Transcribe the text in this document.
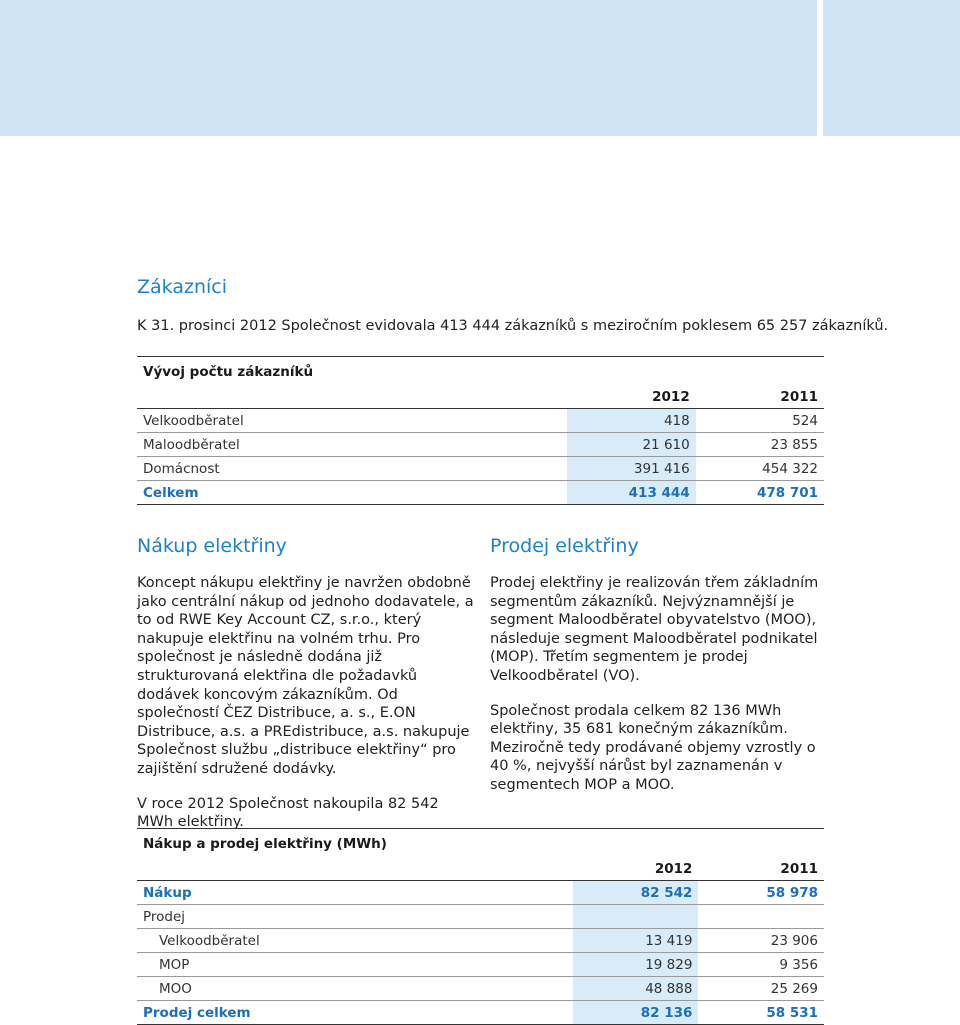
Zákazníci

K 31. prosinci 2012 Společnost evidovala 413 444 zákazníků s meziročním poklesem 65 257 zákazníků.

Vývoj počtu zákazníků		
	2012	2011
Velkoodběratel	418	524
Maloodběratel	21 610	23 855
Domácnost	391 416	454 322
Celkem	413 444	478 701
Nákup elektřiny

Koncept nákupu elektřiny je navržen obdobně jako centrální nákup od jednoho dodavatele, a to od RWE Key Account CZ, s.r.o., který nakupuje elektřinu na volném trhu. Pro společnost je následně dodána již strukturovaná elektřina dle požadavků dodávek koncovým zákazníkům. Od společností ČEZ Distribuce, a. s., E.ON Distribuce, a.s. a PREdistribuce, a.s. nakupuje Společnost službu „distribuce elektřiny“ pro zajištění sdružené dodávky.

V roce 2012 Společnost nakoupila 82 542 MWh elektřiny.

Prodej elektřiny

Prodej elektřiny je realizován třem základním segmentům zákazníků. Nejvýznamnější je segment Maloodběratel obyvatelstvo (MOO), následuje segment Maloodběratel podnikatel (MOP). Třetím segmentem je prodej Velkoodběratel (VO).

Společnost prodala celkem 82 136 MWh elektřiny, 35 681 konečným zákazníkům. Meziročně tedy prodávané objemy vzrostly o 40 %, nejvyšší nárůst byl zaznamenán v segmentech MOP a MOO.

Nákup a prodej elektřiny (MWh)		
	2012	2011
Nákup	82 542	58 978
Prodej		
Velkoodběratel	13 419	23 906
MOP	19 829	9 356
MOO	48 888	25 269
Prodej celkem	82 136	58 531
